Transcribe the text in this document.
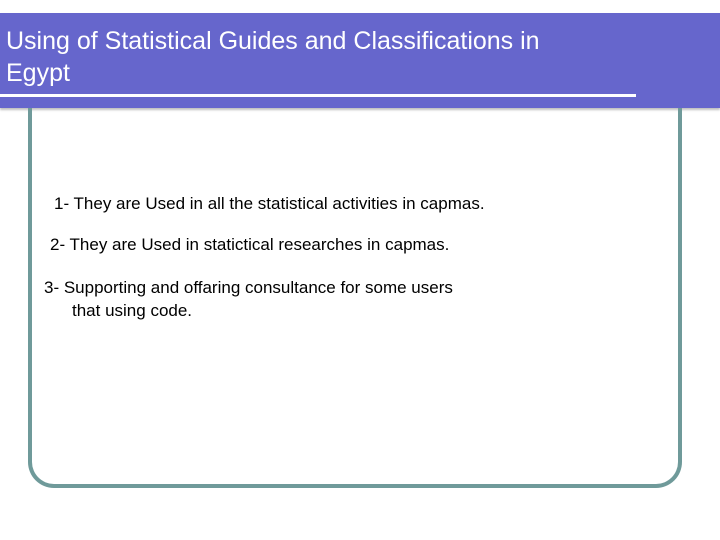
Using of Statistical Guides and Classifications in
Egypt

1- They are Used in all the statistical activities in capmas.

2- They are Used in statictical researches in capmas.

3- Supporting and offaring consultance for some users

that using code.
